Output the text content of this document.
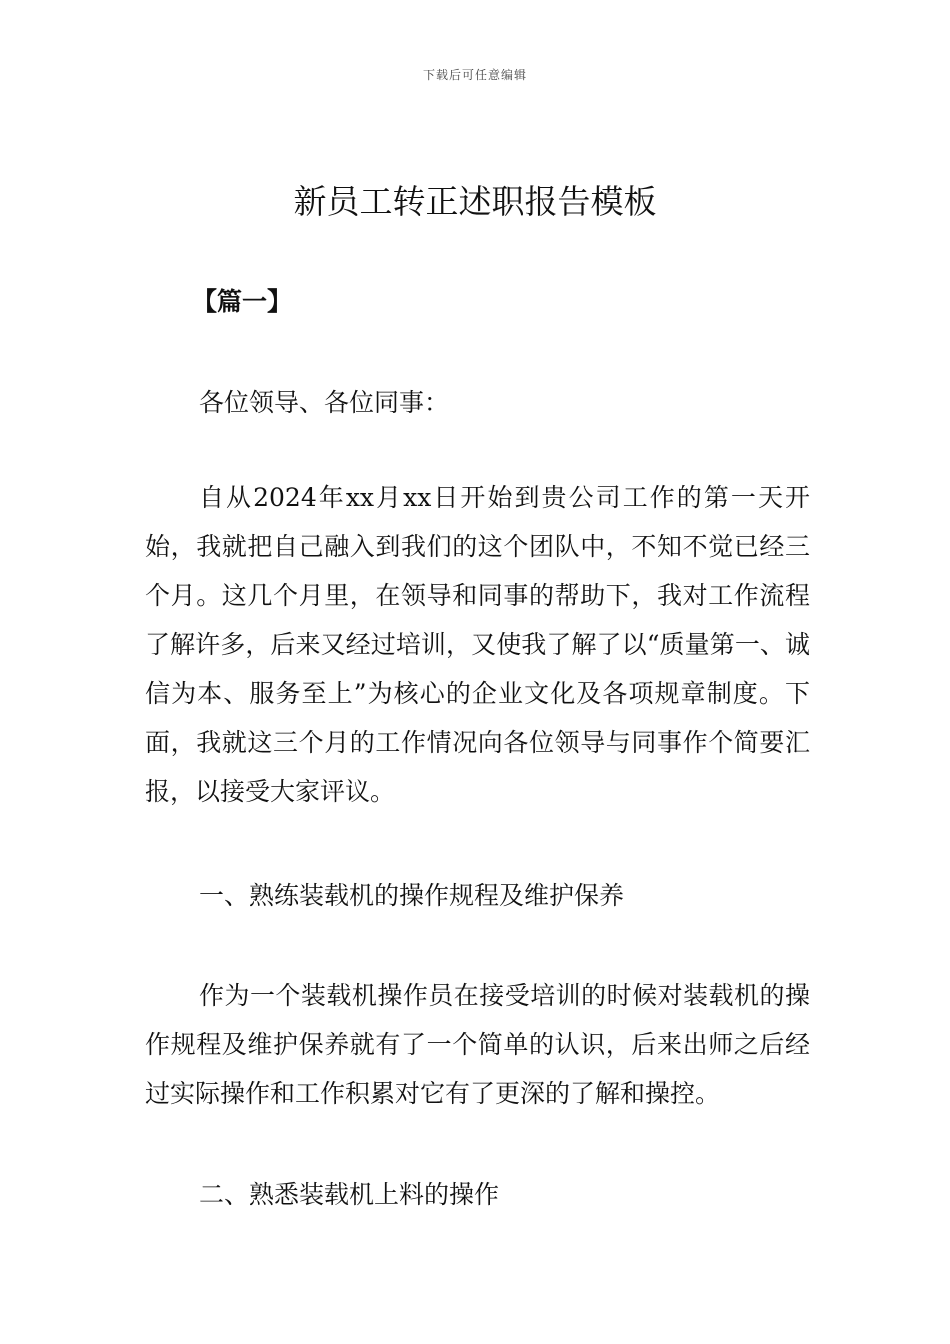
下载后可任意编辑
新员工转正述职报告模板
【篇一】

各位领导、各位同事：

自从2024年xx月xx日开始到贵公司工作的第一天开始，我就把自己融入到我们的这个团队中，不知不觉已经三个月。这几个月里，在领导和同事的帮助下，我对工作流程了解许多，后来又经过培训，又使我了解了以“质量第一、诚信为本、服务至上”为核心的企业文化及各项规章制度。下面，我就这三个月的工作情况向各位领导与同事作个简要汇报，以接受大家评议。

一、熟练装载机的操作规程及维护保养

作为一个装载机操作员在接受培训的时候对装载机的操作规程及维护保养就有了一个简单的认识，后来出师之后经过实际操作和工作积累对它有了更深的了解和操控。

二、熟悉装载机上料的操作
